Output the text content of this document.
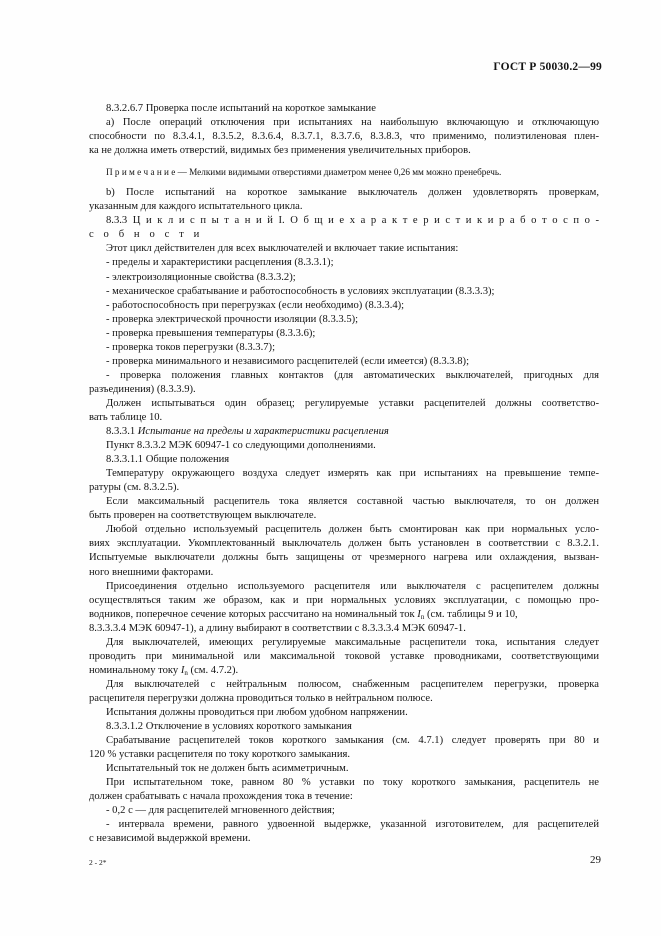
ГОСТ Р 50030.2—99
8.3.2.6.7 Проверка после испытаний на короткое замыкание
а) После операций отключения при испытаниях на наибольшую включающую и отключающую
способности по 8.3.4.1, 8.3.5.2, 8.3.6.4, 8.3.7.1, 8.3.7.6, 8.3.8.3, что применимо, полиэтиленовая плен-
ка не должна иметь отверстий, видимых без применения увеличительных приборов.
П р и м е ч а н и е — Мелкими видимыми отверстиями диаметром менее 0,26 мм можно пренебречь.
b) После испытаний на короткое замыкание выключатель должен удовлетворять проверкам,
указанным для каждого испытательного цикла.
8.3.3 Ц и к л и с п ы т а н и й I. О б щ и е х а р а к т е р и с т и к и р а б о т о с п о -
с о б н о с т и
Этот цикл действителен для всех выключателей и включает такие испытания:
- пределы и характеристики расцепления (8.3.3.1);
- электроизоляционные свойства (8.3.3.2);
- механическое срабатывание и работоспособность в условиях эксплуатации (8.3.3.3);
- работоспособность при перегрузках (если необходимо) (8.3.3.4);
- проверка электрической прочности изоляции (8.3.3.5);
- проверка превышения температуры (8.3.3.6);
- проверка токов перегрузки (8.3.3.7);
- проверка минимального и независимого расцепителей (если имеется) (8.3.3.8);
- проверка положения главных контактов (для автоматических выключателей, пригодных для
разъединения) (8.3.3.9).
Должен испытываться один образец; регулируемые уставки расцепителей должны соответство-
вать таблице 10.
8.3.3.1 Испытание на пределы и характеристики расцепления
Пункт 8.3.3.2 МЭК 60947-1 со следующими дополнениями.
8.3.3.1.1 Общие положения
Температуру окружающего воздуха следует измерять как при испытаниях на превышение темпе-
ратуры (см. 8.3.2.5).
Если максимальный расцепитель тока является составной частью выключателя, то он должен
быть проверен на соответствующем выключателе.
Любой отдельно используемый расцепитель должен быть смонтирован как при нормальных усло-
виях эксплуатации. Укомплектованный выключатель должен быть установлен в соответствии с 8.3.2.1.
Испытуемые выключатели должны быть защищены от чрезмерного нагрева или охлаждения, вызван-
ного внешними факторами.
Присоединения отдельно используемого расцепителя или выключателя с расцепителем должны
осуществляться таким же образом, как и при нормальных условиях эксплуатации, с помощью про-
водников, поперечное сечение которых рассчитано на номинальный ток $I_n$ (см. таблицы 9 и 10,
8.3.3.3.4 МЭК 60947-1), а длину выбирают в соответствии с 8.3.3.3.4 МЭК 60947-1.
Для выключателей, имеющих регулируемые максимальные расцепители тока, испытания следует
проводить при минимальной или максимальной токовой уставке проводниками, соответствующими
номинальному току $I_n$ (см. 4.7.2).
Для выключателей с нейтральным полюсом, снабженным расцепителем перегрузки, проверка
расцепителя перегрузки должна проводиться только в нейтральном полюсе.
Испытания должны проводиться при любом удобном напряжении.
8.3.3.1.2 Отключение в условиях короткого замыкания
Срабатывание расцепителей токов короткого замыкания (см. 4.7.1) следует проверять при 80 и
120 % уставки расцепителя по току короткого замыкания.
Испытательный ток не должен быть асимметричным.
При испытательном токе, равном 80 % уставки по току короткого замыкания, расцепитель не
должен срабатывать с начала прохождения тока в течение:
- 0,2 с — для расцепителей мгновенного действия;
- интервала времени, равного удвоенной выдержке, указанной изготовителем, для расцепителей
с независимой выдержкой времени.
2 - 2*	29
